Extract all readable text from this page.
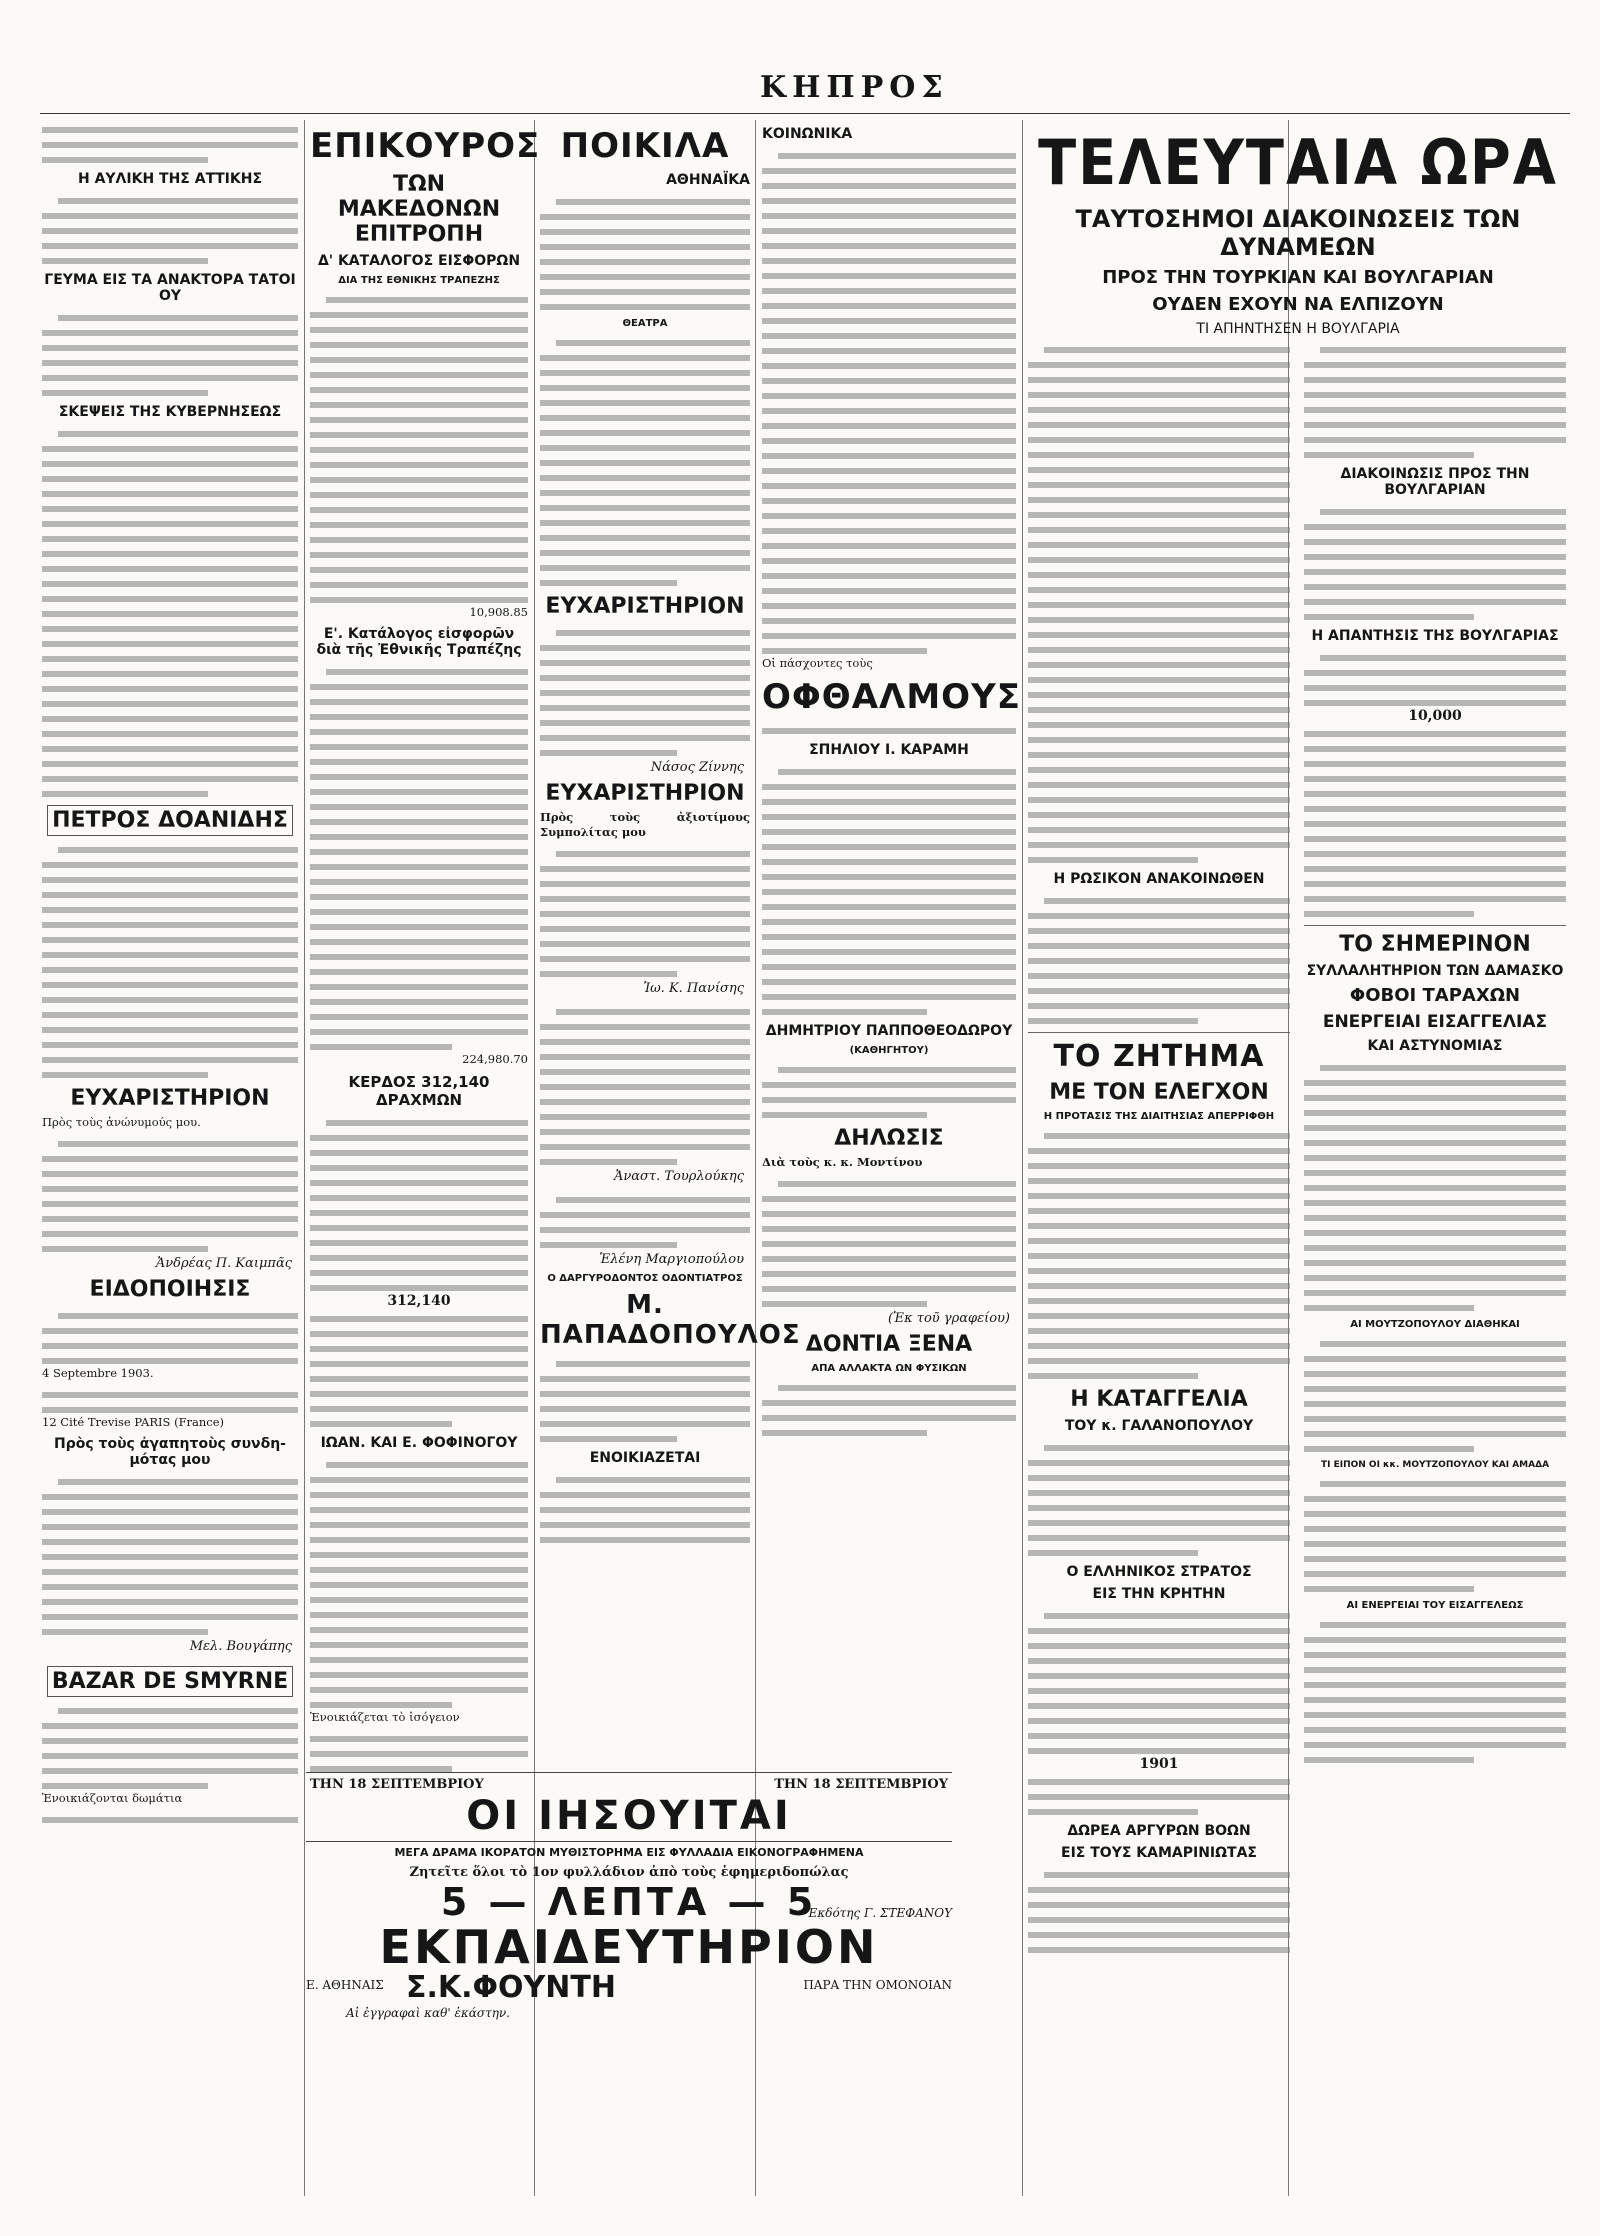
ΚΗΠΡΟΣ
Η ΑΥΛΙΚΗ ΤΗΣ ΑΤΤΙΚΗΣ
ΓΕΥΜΑ ΕΙΣ ΤΑ ΑΝΑΚΤΟΡΑ ΤΑΤΟΙ ΟΥ
ΣΚΕΨΕΙΣ ΤΗΣ ΚΥΒΕΡΝΗΣΕΩΣ
ΠΕΤΡΟΣ ΔΟΑΝΙΔΗΣ
ΕΥΧΑΡΙΣΤΗΡΙΟΝ
Πρὸς τοὺς ἀνώνυμούς μου.
Ἀνδρέας Π. Καιμπᾶς
ΕΙΔΟΠΟΙΗΣΙΣ
4 Septembre 1903.
12 Cité Trevise PARIS (France)
Πρὸς τοὺς ἀγαπητοὺς συνδη-μότας μου
Μελ. Βουγάπης
BAZAR DE SMYRNE
Ἐνοικιάζονται δωμάτια
ΕΠΙΚΟΥΡΟΣ
ΤΩΝ ΜΑΚΕΔΟΝΩΝ ΕΠΙΤΡΟΠΗ
Δ' ΚΑΤΑΛΟΓΟΣ ΕΙΣΦΟΡΩΝ
ΔΙΑ ΤΗΣ ΕΘΝΙΚΗΣ ΤΡΑΠΕΖΗΣ
10,908.85
Ε'. Κατάλογος εἰσφορῶν διὰ τῆς Ἐθνικῆς Τραπέζης
224,980.70
ΚΕΡΔΟΣ 312,140 ΔΡΑΧΜΩΝ
312,140
ΙΩΑΝ. ΚΑΙ Ε. ΦΟΦΙΝΟΓΟΥ
Ἐνοικιάζεται τὸ ἰσόγειον
ΠΟΙΚΙΛΑ
ΑΘΗΝΑΪΚΑ
ΘΕΑΤΡΑ
ΕΥΧΑΡΙΣΤΗΡΙΟΝ
Νάσος Ζίννης
ΕΥΧΑΡΙΣΤΗΡΙΟΝ
Πρὸς τοὺς ἀξιοτίμους Συμπολίτας μου
Ἰω. Κ. Πανίσης
Ἀναστ. Τουρλούκης
Ἑλένη Μαργιοπούλου
Ο ΔΑΡΓΥΡΟΔΟΝΤΟΣ ΟΔΟΝΤΙΑΤΡΟΣ
Μ. ΠΑΠΑΔΟΠΟΥΛΟΣ
ΕΝΟΙΚΙΑΖΕΤΑΙ
ΚΟΙΝΩΝΙΚΑ
Οἱ πάσχοντες τοὺς
ΟΦΘΑΛΜΟΥΣ
ΣΠΗΛΙΟΥ Ι. ΚΑΡΑΜΗ
ΔΗΜΗΤΡΙΟΥ ΠΑΠΠΟΘΕΟΔΩΡΟΥ
(ΚΑΘΗΓΗΤΟΥ)
ΔΗΛΩΣΙΣ
Διὰ τοὺς κ. κ. Μοντίνου
(Ἐκ τοῦ γραφείου)
ΔΟΝΤΙΑ ΞΕΝΑ
ΑΠΑ ΑΛΛΑΚΤΑ ΩΝ ΦΥΣΙΚΩΝ
ΤΕΛΕΥΤΑΙΑ ΩΡΑ
ΤΑΥΤΟΣΗΜΟΙ ΔΙΑΚΟΙΝΩΣΕΙΣ ΤΩΝ ΔΥΝΑΜΕΩΝ
ΠΡΟΣ ΤΗΝ ΤΟΥΡΚΙΑΝ ΚΑΙ ΒΟΥΛΓΑΡΙΑΝ
ΟΥΔΕΝ ΕΧΟΥΝ ΝΑ ΕΛΠΙΖΟΥΝ
ΤΙ ΑΠΗΝΤΗΣΕΝ Η ΒΟΥΛΓΑΡΙΑ
Η ΡΩΣΙΚΟΝ ΑΝΑΚΟΙΝΩΘΕΝ
ΤΟ ΖΗΤΗΜΑ
ΜΕ ΤΟΝ ΕΛΕΓΧΟΝ
Η ΠΡΟΤΑΣΙΣ ΤΗΣ ΔΙΑΙΤΗΣΙΑΣ ΑΠΕΡΡΙΦΘΗ
Η ΚΑΤΑΓΓΕΛΙΑ
ΤΟΥ κ. ΓΑΛΑΝΟΠΟΥΛΟΥ
Ο ΕΛΛΗΝΙΚΟΣ ΣΤΡΑΤΟΣ
ΕΙΣ ΤΗΝ ΚΡΗΤΗΝ
1901
ΔΩΡΕΑ ΑΡΓΥΡΩΝ ΒΟΩΝ
ΕΙΣ ΤΟΥΣ ΚΑΜΑΡΙΝΙΩΤΑΣ
ΔΙΑΚΟΙΝΩΣΙΣ ΠΡΟΣ ΤΗΝ ΒΟΥΛΓΑΡΙΑΝ
Η ΑΠΑΝΤΗΣΙΣ ΤΗΣ ΒΟΥΛΓΑΡΙΑΣ
10,000
ΤΟ ΣΗΜΕΡΙΝΟΝ
ΣΥΛΛΑΛΗΤΗΡΙΟΝ ΤΩΝ ΔΑΜΑΣΚΟ
ΦΟΒΟΙ ΤΑΡΑΧΩΝ
ΕΝΕΡΓΕΙΑΙ ΕΙΣΑΓΓΕΛΙΑΣ
ΚΑΙ ΑΣΤΥΝΟΜΙΑΣ
ΑΙ ΜΟΥΤΖΟΠΟΥΛΟΥ ΔΙΑΘΗΚΑΙ
ΤΙ ΕΙΠΟΝ ΟΙ κκ. ΜΟΥΤΖΟΠΟΥΛΟΥ ΚΑΙ ΑΜΑΔΑ
ΑΙ ΕΝΕΡΓΕΙΑΙ ΤΟΥ ΕΙΣΑΓΓΕΛΕΩΣ
ΤΗΝ 18 ΣΕΠΤΕΜΒΡΙΟΥ	ΤΗΝ 18 ΣΕΠΤΕΜΒΡΙΟΥ
ΟΙ ΙΗΣΟΥΙΤΑΙ
ΜΕΓΑ ΔΡΑΜΑ ΙΚΟΡΑΤΟΝ ΜΥΘΙΣΤΟΡΗΜΑ ΕΙΣ ΦΥΛΛΑΔΙΑ ΕΙΚΟΝΟΓΡΑΦΗΜΕΝΑ
Ζητεῖτε ὅλοι τὸ 1ον φυλλάδιον ἀπὸ τοὺς ἐφημεριδοπώλας
5 — ΛΕΠΤΑ — 5
Ἐκδότης Γ. ΣΤΕΦΑΝΟΥ
ΕΚΠΑΙΔΕΥΤΗΡΙΟΝ
Ε. ΑΘΗΝΑΙΣ Σ.Κ.ΦΟΥΝΤΗ	ΠΑΡΑ ΤΗΝ ΟΜΟΝΟΙΑΝ
Αἱ ἐγγραφαὶ καθ' ἑκάστην.
